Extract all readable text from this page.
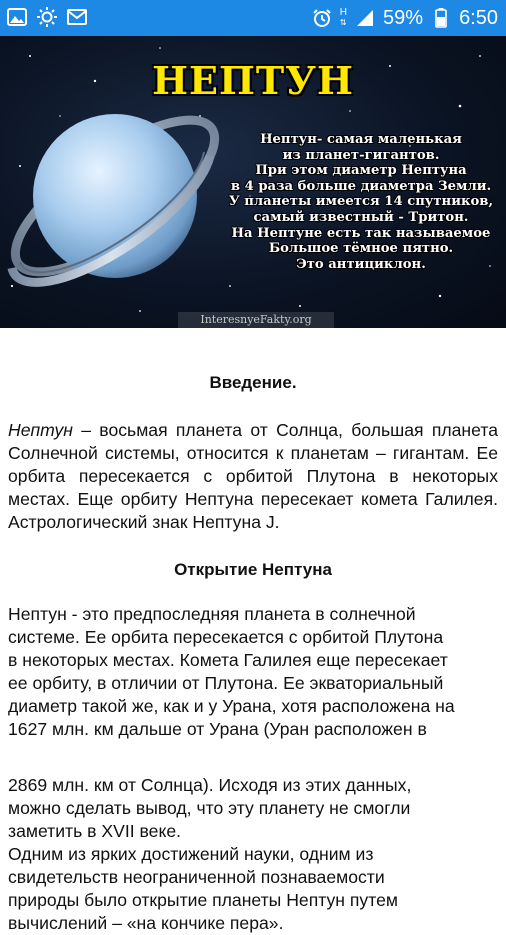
H
⇅ 59% 6:50
НЕПТУН
Нептун- самая маленькая
из планет-гигантов.
При этом диаметр Нептуна
в 4 раза больше диаметра Земли.
У планеты имеется 14 спутников,
самый известный - Тритон.
На Нептуне есть так называемое
Большое тёмное пятно.
Это антициклон.
InteresnyeFakty.org
Введение.

Нептун – восьмая планета от Солнца, большая планета Солнечной системы, относится к планетам – гигантам. Ее орбита пересекается с орбитой Плутона в некоторых местах. Еще орбиту Нептуна пересекает комета Галилея. Астрологический знак Нептуна J.

Открытие Нептуна
Нептун - это предпоследняя планета в солнечной
системе. Ее орбита пересекается с орбитой Плутона
в некоторых местах. Комета Галилея еще пересекает
ее орбиту, в отличии от Плутона. Ее экваториальный
диаметр такой же, как и у Урана, хотя расположена на
1627 млн. км дальше от Урана (Уран расположен в
2869 млн. км от Солнца). Исходя из этих данных,
можно сделать вывод, что эту планету не смогли
заметить в XVII веке.
Одним из ярких достижений науки, одним из
свидетельств неограниченной познаваемости
природы было открытие планеты Нептун путем
вычислений – «на кончике пера».
